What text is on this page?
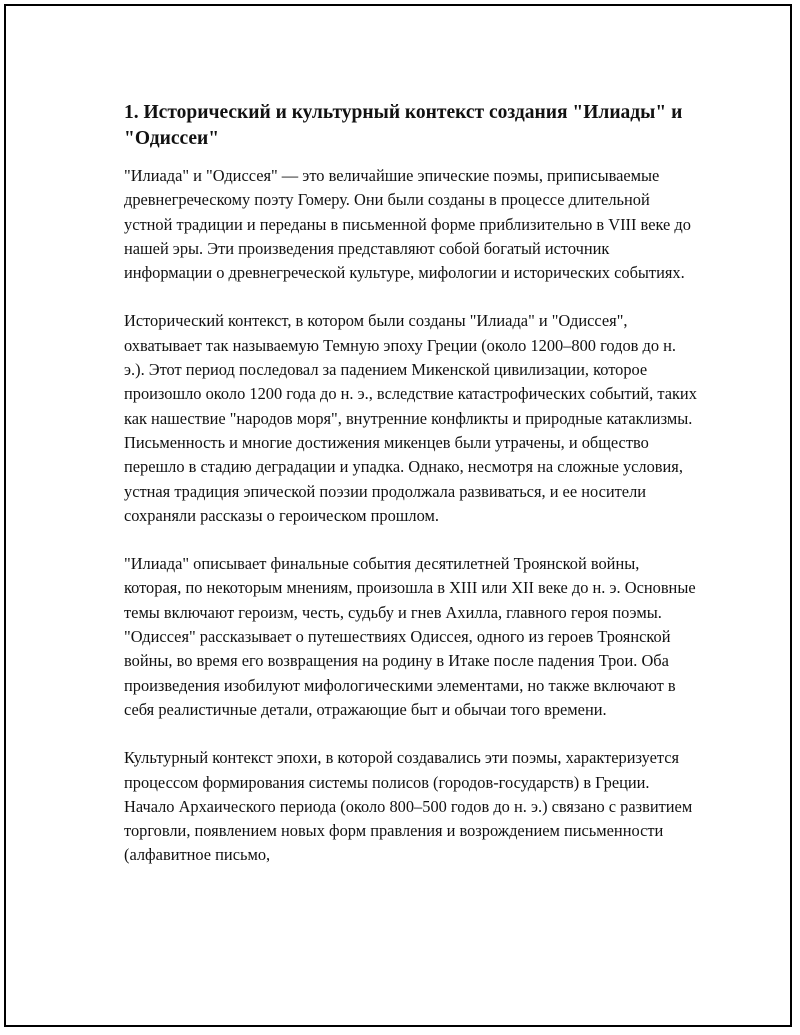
1. Исторический и культурный контекст создания "Илиады" и "Одиссеи"

"Илиада" и "Одиссея" — это величайшие эпические поэмы, приписываемые древнегреческому поэту Гомеру. Они были созданы в процессе длительной устной традиции и переданы в письменной форме приблизительно в VIII веке до нашей эры. Эти произведения представляют собой богатый источник информации о древнегреческой культуре, мифологии и исторических событиях.

Исторический контекст, в котором были созданы "Илиада" и "Одиссея", охватывает так называемую Темную эпоху Греции (около 1200–800 годов до н. э.). Этот период последовал за падением Микенской цивилизации, которое произошло около 1200 года до н. э., вследствие катастрофических событий, таких как нашествие "народов моря", внутренние конфликты и природные катаклизмы. Письменность и многие достижения микенцев были утрачены, и общество перешло в стадию деградации и упадка. Однако, несмотря на сложные условия, устная традиция эпической поэзии продолжала развиваться, и ее носители сохраняли рассказы о героическом прошлом.

"Илиада" описывает финальные события десятилетней Троянской войны, которая, по некоторым мнениям, произошла в XIII или XII веке до н. э. Основные темы включают героизм, честь, судьбу и гнев Ахилла, главного героя поэмы. "Одиссея" рассказывает о путешествиях Одиссея, одного из героев Троянской войны, во время его возвращения на родину в Итаке после падения Трои. Оба произведения изобилуют мифологическими элементами, но также включают в себя реалистичные детали, отражающие быт и обычаи того времени.

Культурный контекст эпохи, в которой создавались эти поэмы, характеризуется процессом формирования системы полисов (городов-государств) в Греции. Начало Архаического периода (около 800–500 годов до н. э.) связано с развитием торговли, появлением новых форм правления и возрождением письменности (алфавитное письмо,
